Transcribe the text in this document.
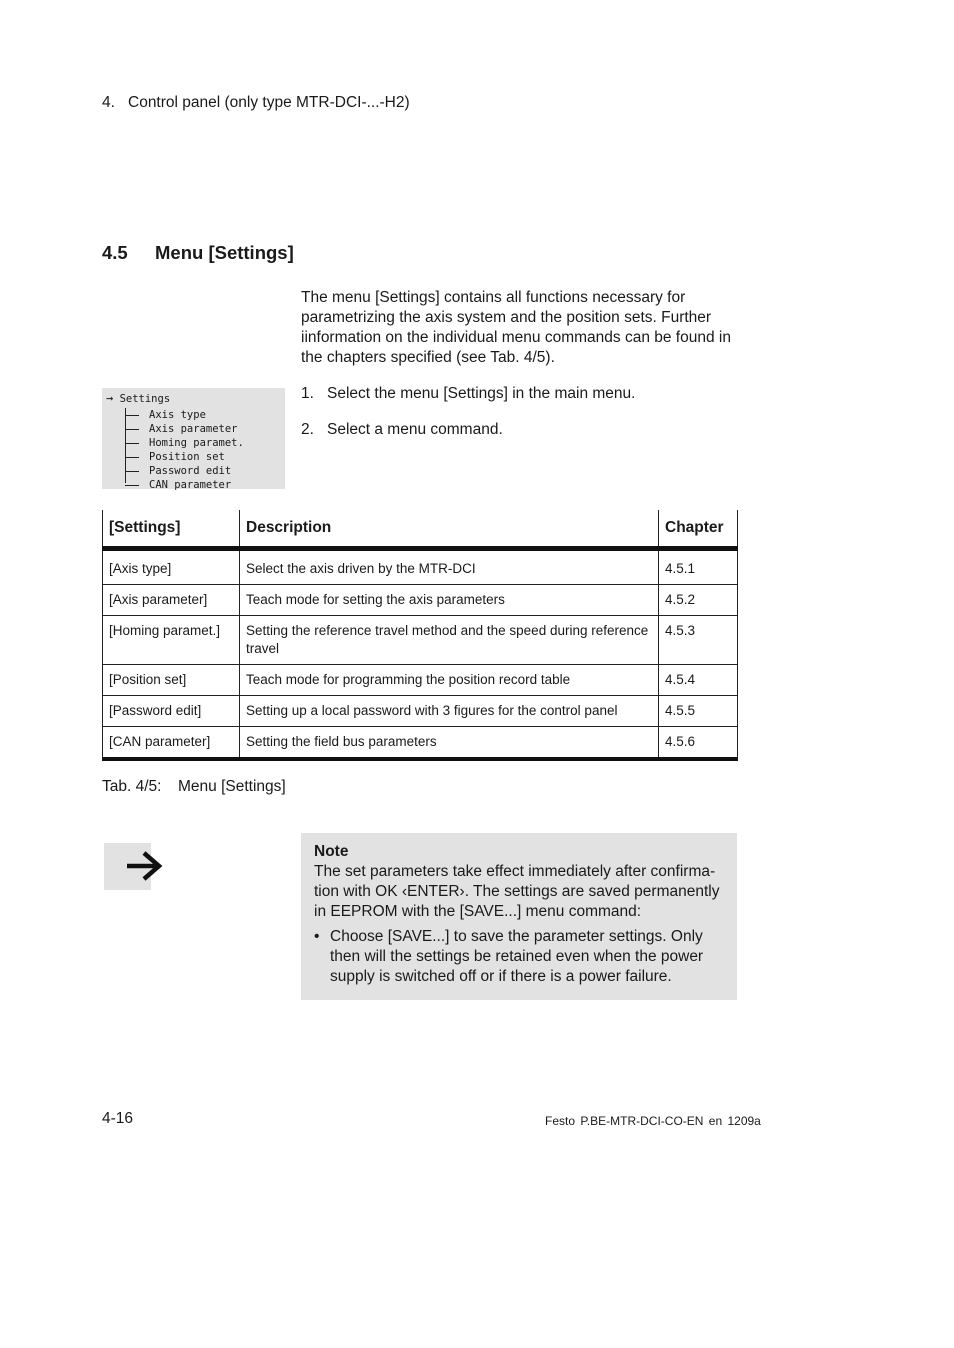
4. Control panel (only type MTR-DCI-...-H2)
4.5 Menu [Settings]

The menu [Settings] contains all functions necessary for parametrizing the axis system and the position sets. Further iinformation on the individual menu commands can be found in the chapters specified (see Tab. 4/5).

→ Settings
Axis type
Axis parameter
Homing paramet.
Position set
Password edit
CAN parameter
1. Select the menu [Settings] in the main menu.
2. Select a menu command.
[Settings]	Description	Chapter
[Axis type]	Select the axis driven by the MTR-DCI	4.5.1
[Axis parameter]	Teach mode for setting the axis parameters	4.5.2
[Homing paramet.]	Setting the reference travel method and the speed during reference travel	4.5.3
[Position set]	Teach mode for programming the position record table	4.5.4
[Password edit]	Setting up a local password with 3 figures for the control panel	4.5.5
[CAN parameter]	Setting the field bus parameters	4.5.6
Tab. 4/5: Menu [Settings]
Note
The set parameters take effect immediately after confirma-tion with OK ‹ENTER›. The settings are saved permanently in EEPROM with the [SAVE...] menu command:
• Choose [SAVE...] to save the parameter settings. Only then will the settings be retained even when the power supply is switched off or if there is a power failure.
4-16	Festo P.BE-MTR-DCI-CO-EN en 1209a
